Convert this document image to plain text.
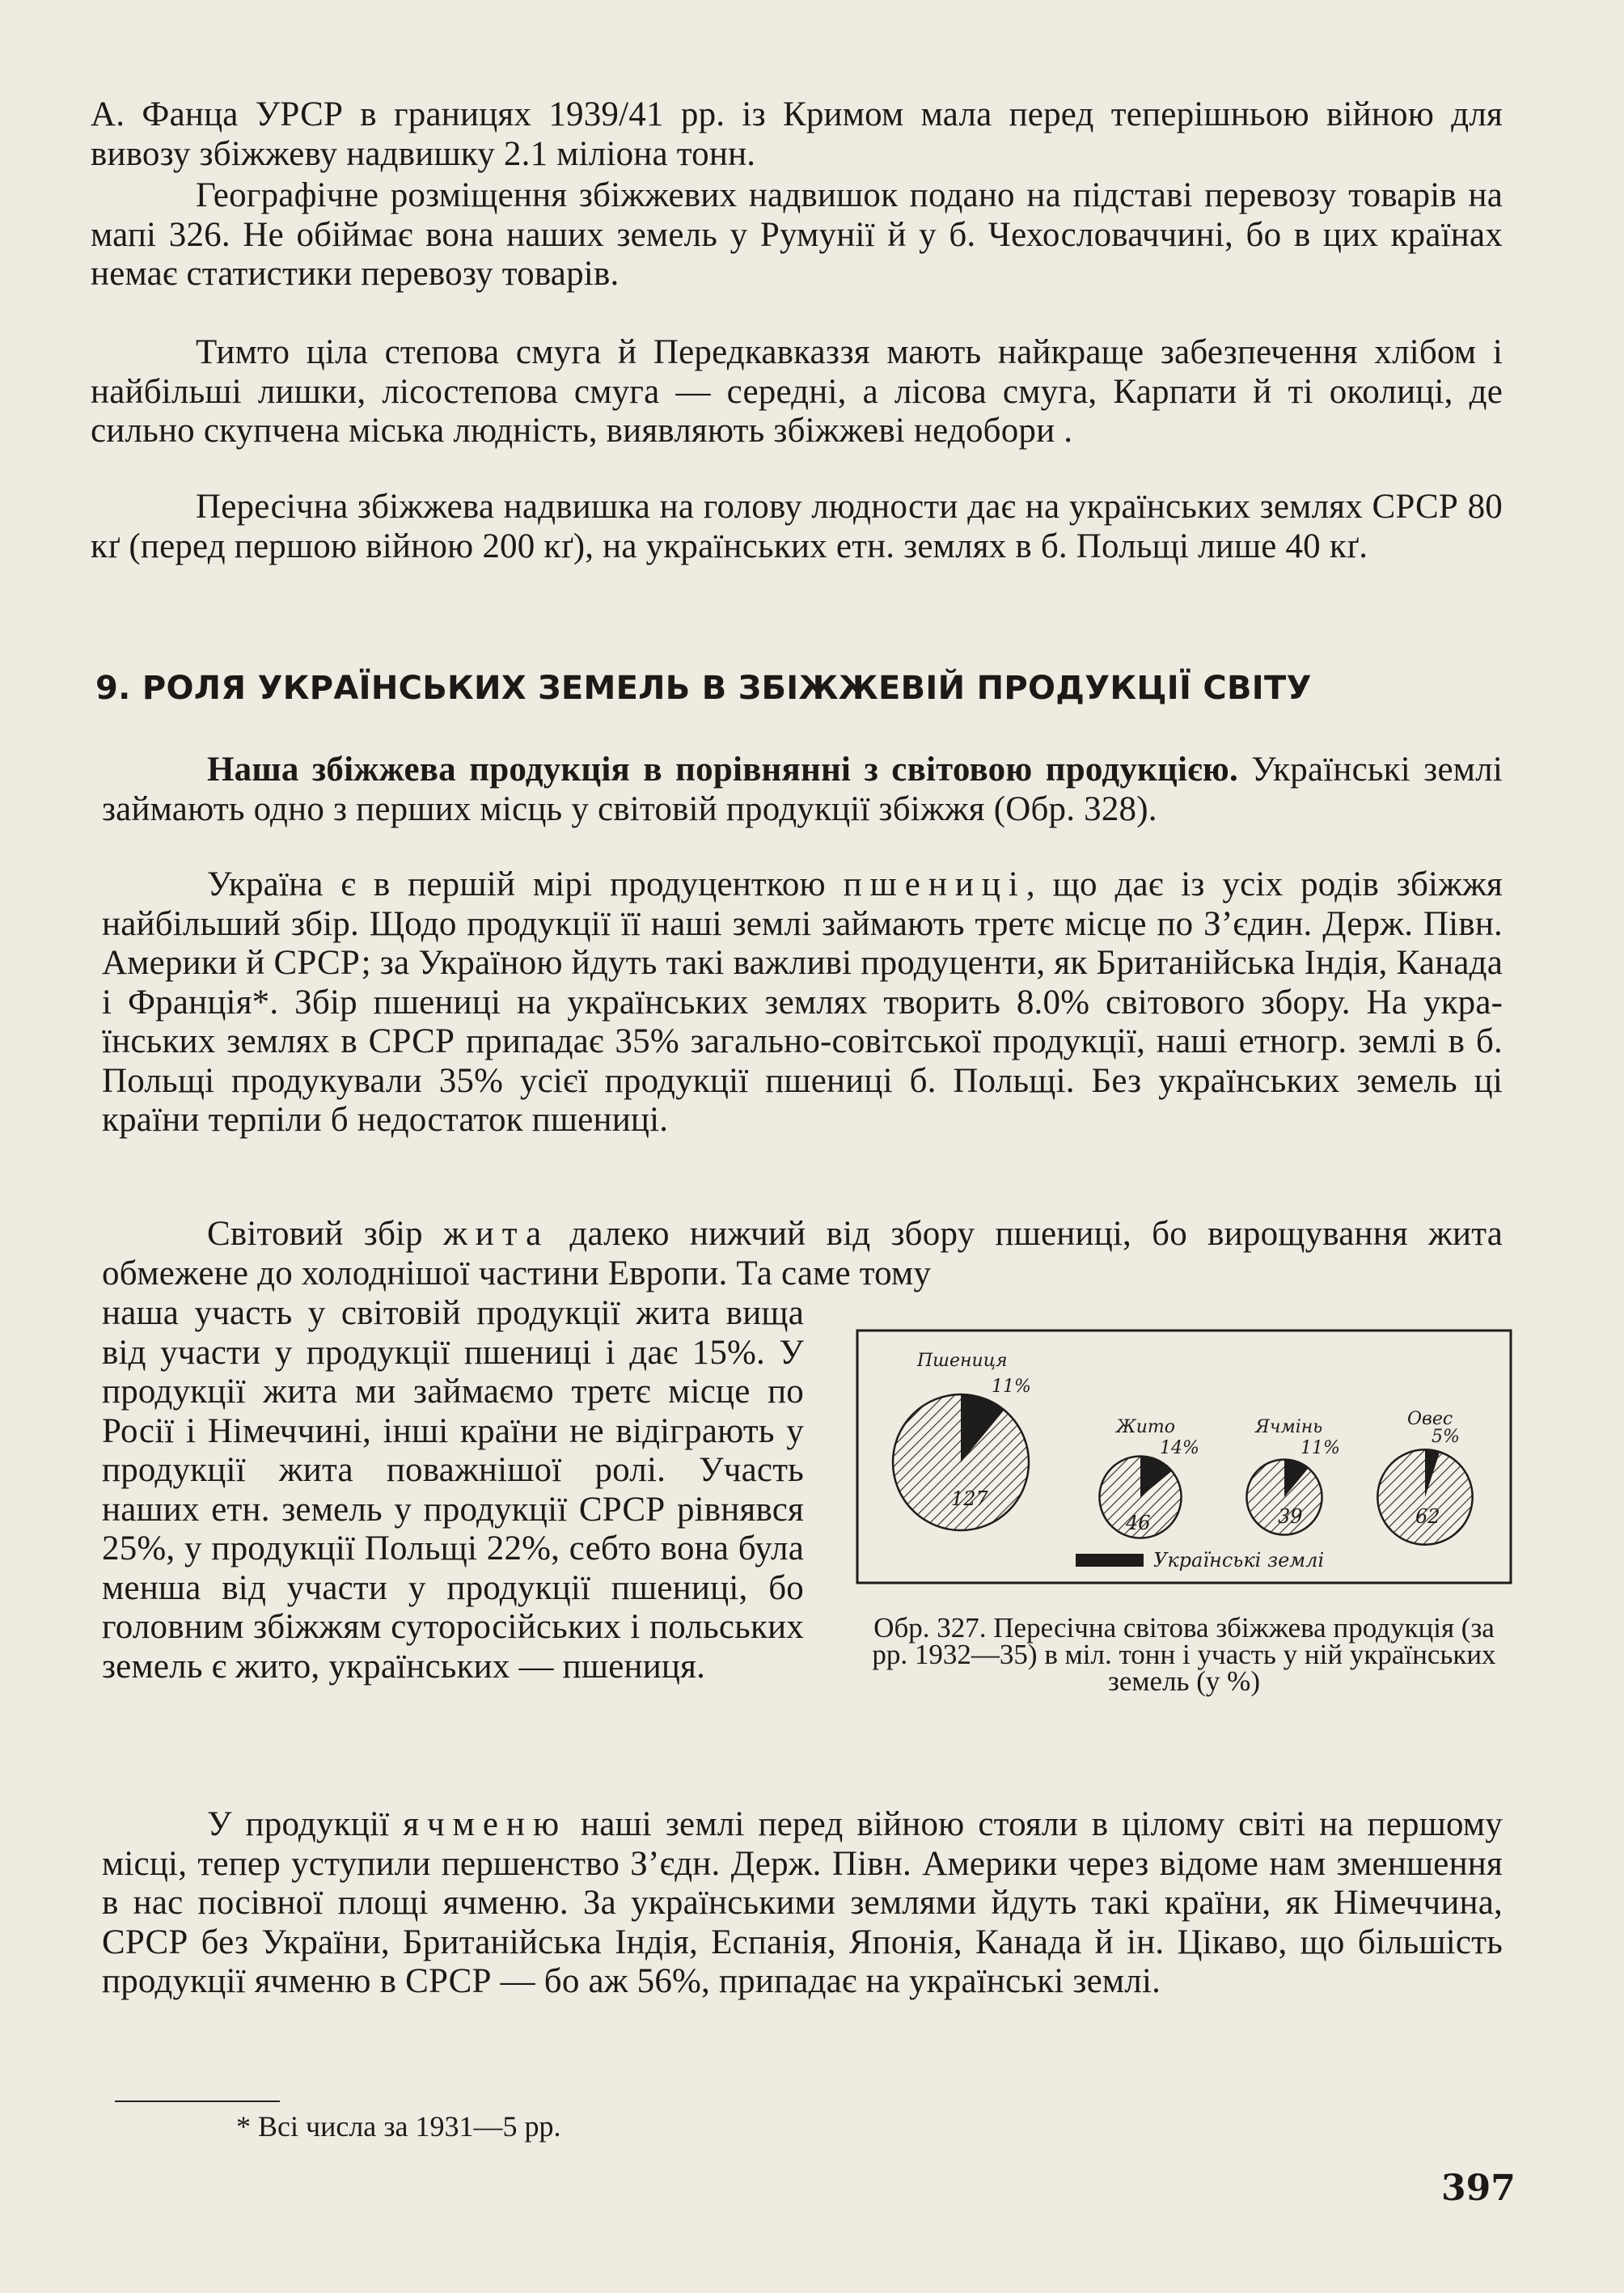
А. Фанца УРСР в границях 1939/41 рр. із Кримом мала перед теперішньою війною для вивозу збіжжеву надвишку 2.1 міліона тонн.

Географічне розміщення збіжжевих надвишок подано на підставі перевозу товарів на мапі 326. Не обіймає вона наших земель у Румунії й у б. Чехословаччині, бо в цих країнах немає статистики перевозу товарів.

Тимто ціла степова смуга й Передкавказзя мають найкраще забезпечення хлібом і найбільші лишки, лісостепова смуга — середні, а лісова смуга, Карпати й ті околиці, де сильно скупчена міська людність, виявляють збіжжеві недобори .

Пересічна збіжжева надвишка на голову людности дає на українських землях СРСР 80 кґ (перед першою війною 200 кґ), на українських етн. землях в б. Польщі лише 40 кґ.

9. РОЛЯ УКРАЇНСЬКИХ ЗЕМЕЛЬ В ЗБІЖЖЕВІЙ ПРОДУКЦІЇ СВІТУ

Наша збіжжева продукція в порівнянні з світовою продукцією. Українські землі займають одно з перших місць у світовій продукції збіжжя (Обр. 328).

Україна є в першій мірі продуценткою пшениці, що дає із усіх родів збіжжя найбільший збір. Щодо продукції її наші землі займають третє місце по З’єдин. Держ. Півн. Америки й СРСР; за Україною йдуть такі важливі продуценти, як Британійська Індія, Канада і Франція*. Збір пшениці на українських землях творить 8.0% світового збору. На українських землях в СРСР припадає 35% загально-совітської продукції, наші етногр. землі в б. Польщі продукували 35% усієї продукції пшениці б. Польщі. Без українських земель ці країни терпіли б недостаток пшениці.

Світовий збір жита далеко нижчий від збору пшениці, бо вирощування жита обмежене до холоднішої частини Европи. Та саме тому

наша участь у світовій продукції жита вища від участи у продукції пшениці і дає 15%. У продукції жита ми займаємо третє місце по Росії і Німеччині, інші країни не відіграють у продукції жита поважнішої ролі. Участь наших етн. земель у продукції СРСР рівнявся 25%, у продукції Польщі 22%, себто вона була менша від участи у продукції пшениці, бо головним збіжжям суторосійських і польських земель є жито, українських — пшениця.

У продукції ячменю наші землі перед війною стояли в цілому світі на першому місці, тепер уступили першенство З’єдн. Держ. Півн. Америки через відоме нам зменшення в нас посівної площі ячменю. За українськими землями йдуть такі країни, як Німеччина, СРСР без України, Британійська Індія, Еспанія, Японія, Канада й ін. Цікаво, що більшість продукції ячменю в СРСР — бо аж 56%, припадає на українські землі.

Пшениця
11%
127
Жито
14%
46
Ячмінь
11%
39
Овес
5%
62
Українські землі

Обр. 327. Пересічна світова збіжжева продукція (за рр. 1932—35) в міл. тонн і участь у ній українських земель (у %)

* Всі числа за 1931—5 рр.

397
